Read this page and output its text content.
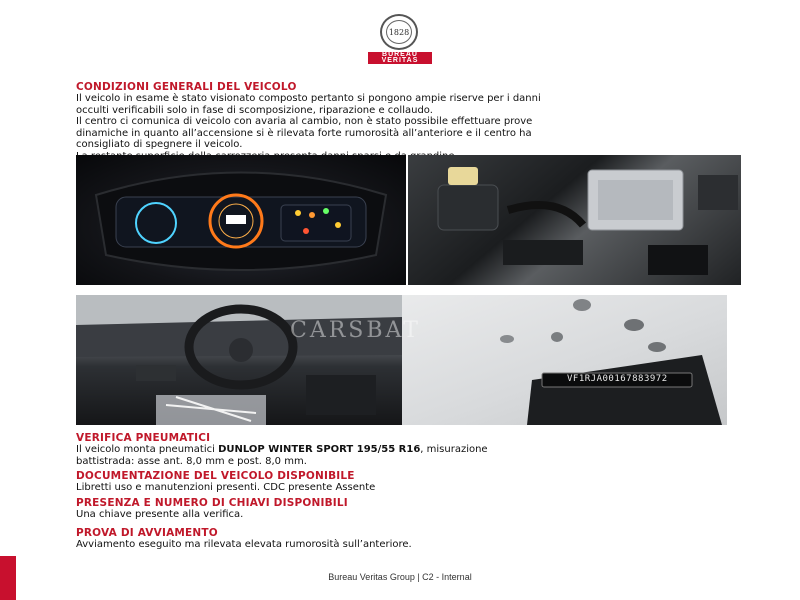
1828
BUREAU
VERITAS
CONDIZIONI GENERALI DEL VEICOLO
Il veicolo in esame è stato visionato composto pertanto si pongono ampie riserve per i danni
occulti verificabili solo in fase di scomposizione, riparazione e collaudo.
Il centro ci comunica di veicolo con avaria al cambio, non è stato possibile effettuare prove
dinamiche in quanto all’accensione si è rilevata forte rumorosità all’anteriore e il centro ha
consigliato di spegnere il veicolo.
VF1RJA00167883972
CARSBAT
VERIFICA PNEUMATICI
Il veicolo monta pneumatici DUNLOP WINTER SPORT 195/55 R16, misurazione
battistrada: asse ant. 8,0 mm e post. 8,0 mm.
DOCUMENTAZIONE DEL VEICOLO DISPONIBILE
Libretti uso e manutenzioni presenti. CDC presente Assente
PRESENZA E NUMERO DI CHIAVI DISPONIBILI
Una chiave presente alla verifica.
PROVA DI AVVIAMENTO
Avviamento eseguito ma rilevata elevata rumorosità sull’anteriore.
Bureau Veritas Group | C2 - Internal
